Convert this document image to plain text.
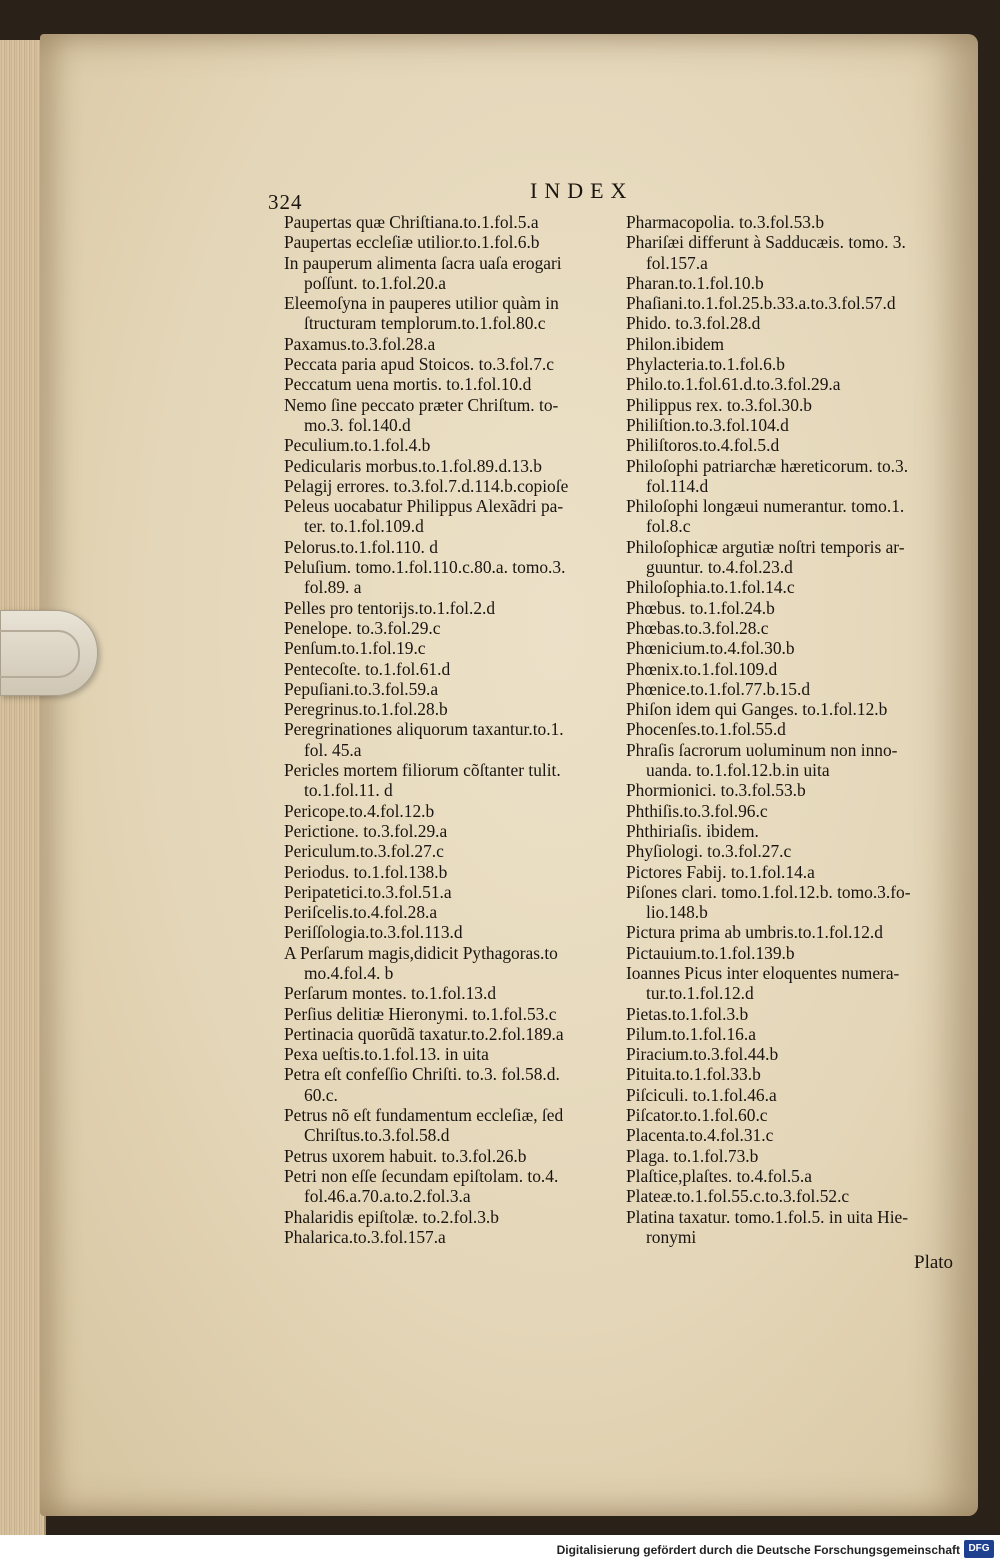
324	INDEX
Paupertas quæ Chriſtiana.to.1.fol.5.a
Paupertas eccleſiæ utilior.to.1.fol.6.b
In pauperum alimenta ſacra uaſa erogari
poſſunt. to.1.fol.20.a
Eleemoſyna in pauperes utilior quàm in
ſtructuram templorum.to.1.fol.80.c
Paxamus.to.3.fol.28.a
Peccata paria apud Stoicos. to.3.fol.7.c
Peccatum uena mortis. to.1.fol.10.d
Nemo ſine peccato præter Chriſtum. to-
mo.3. fol.140.d
Peculium.to.1.fol.4.b
Pedicularis morbus.to.1.fol.89.d.13.b
Pelagij errores. to.3.fol.7.d.114.b.copioſe
Peleus uocabatur Philippus Alexãdri pa-
ter. to.1.fol.109.d
Pelorus.to.1.fol.110. d
Peluſium. tomo.1.fol.110.c.80.a. tomo.3.
fol.89. a
Pelles pro tentorijs.to.1.fol.2.d
Penelope. to.3.fol.29.c
Penſum.to.1.fol.19.c
Pentecoſte. to.1.fol.61.d
Pepuſiani.to.3.fol.59.a
Peregrinus.to.1.fol.28.b
Peregrinationes aliquorum taxantur.to.1.
fol. 45.a
Pericles mortem filiorum cõſtanter tulit.
to.1.fol.11. d
Pericope.to.4.fol.12.b
Perictione. to.3.fol.29.a
Periculum.to.3.fol.27.c
Periodus. to.1.fol.138.b
Peripatetici.to.3.fol.51.a
Periſcelis.to.4.fol.28.a
Periſſologia.to.3.fol.113.d
A Perſarum magis,didicit Pythagoras.to
mo.4.fol.4. b
Perſarum montes. to.1.fol.13.d
Perſius delitiæ Hieronymi. to.1.fol.53.c
Pertinacia quorũdã taxatur.to.2.fol.189.a
Pexa ueſtis.to.1.fol.13. in uita
Petra eſt confeſſio Chriſti. to.3. fol.58.d.
60.c.
Petrus nõ eſt fundamentum eccleſiæ, ſed
Chriſtus.to.3.fol.58.d
Petrus uxorem habuit. to.3.fol.26.b
Petri non eſſe ſecundam epiſtolam. to.4.
fol.46.a.70.a.to.2.fol.3.a
Phalaridis epiſtolæ. to.2.fol.3.b
Phalarica.to.3.fol.157.a
Pharmacopolia. to.3.fol.53.b
Phariſæi differunt à Sadducæis. tomo. 3.
fol.157.a
Pharan.to.1.fol.10.b
Phaſiani.to.1.fol.25.b.33.a.to.3.fol.57.d
Phido. to.3.fol.28.d
Philon.ibidem
Phylacteria.to.1.fol.6.b
Philo.to.1.fol.61.d.to.3.fol.29.a
Philippus rex. to.3.fol.30.b
Philiſtion.to.3.fol.104.d
Philiſtoros.to.4.fol.5.d
Philoſophi patriarchæ hæreticorum. to.3.
fol.114.d
Philoſophi longæui numerantur. tomo.1.
fol.8.c
Philoſophicæ argutiæ noſtri temporis ar-
guuntur. to.4.fol.23.d
Philoſophia.to.1.fol.14.c
Phœbus. to.1.fol.24.b
Phœbas.to.3.fol.28.c
Phœnicium.to.4.fol.30.b
Phœnix.to.1.fol.109.d
Phœnice.to.1.fol.77.b.15.d
Phiſon idem qui Ganges. to.1.fol.12.b
Phocenſes.to.1.fol.55.d
Phraſis ſacrorum uoluminum non inno-
uanda. to.1.fol.12.b.in uita
Phormionici. to.3.fol.53.b
Phthiſis.to.3.fol.96.c
Phthiriaſis. ibidem.
Phyſiologi. to.3.fol.27.c
Pictores Fabij. to.1.fol.14.a
Piſones clari. tomo.1.fol.12.b. tomo.3.fo-
lio.148.b
Pictura prima ab umbris.to.1.fol.12.d
Pictauium.to.1.fol.139.b
Ioannes Picus inter eloquentes numera-
tur.to.1.fol.12.d
Pietas.to.1.fol.3.b
Pilum.to.1.fol.16.a
Piracium.to.3.fol.44.b
Pituita.to.1.fol.33.b
Piſciculi. to.1.fol.46.a
Piſcator.to.1.fol.60.c
Placenta.to.4.fol.31.c
Plaga. to.1.fol.73.b
Plaſtice,plaſtes. to.4.fol.5.a
Plateæ.to.1.fol.55.c.to.3.fol.52.c
Platina taxatur. tomo.1.fol.5. in uita Hie-
ronymi
Plato
Digitalisierung gefördert durch die Deutsche Forschungsgemeinschaft DFG
